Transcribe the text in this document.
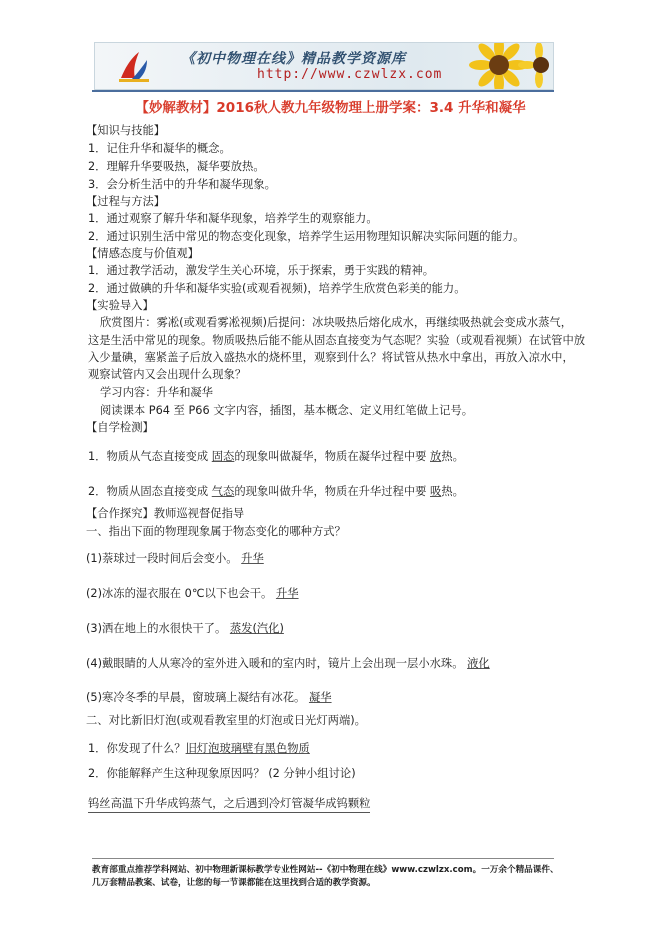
《初中物理在线》精品教学资源库
http://www.czwlzx.com
【妙解教材】2016秋人教九年级物理上册学案：3.4 升华和凝华
【知识与技能】
1．记住升华和凝华的概念。
2．理解升华要吸热，凝华要放热。
3．会分析生活中的升华和凝华现象。
【过程与方法】
1．通过观察了解升华和凝华现象，培养学生的观察能力。
2．通过识别生活中常见的物态变化现象，培养学生运用物理知识解决实际问题的能力。
【情感态度与价值观】
1．通过教学活动，激发学生关心环境，乐于探索，勇于实践的精神。
2．通过做碘的升华和凝华实验(或观看视频)，培养学生欣赏色彩美的能力。
【实验导入】
欣赏图片：雾凇(或观看雾凇视频)后提问：冰块吸热后熔化成水，再继续吸热就会变成水蒸气，
这是生活中常见的现象。物质吸热后能不能从固态直接变为气态呢？实验（或观看视频）在试管中放
入少量碘，塞紧盖子后放入盛热水的烧杯里，观察到什么？将试管从热水中拿出，再放入凉水中，
观察试管内又会出现什么现象？
学习内容：升华和凝华
阅读课本 P64 至 P66 文字内容，插图，基本概念、定义用红笔做上记号。
【自学检测】
1．物质从气态直接变成 固态的现象叫做凝华，物质在凝华过程中要 放热。
2．物质从固态直接变成 气态的现象叫做升华，物质在升华过程中要 吸热。
【合作探究】教师巡视督促指导
一、指出下面的物理现象属于物态变化的哪种方式？
(1)萘球过一段时间后会变小。 升华
(2)冰冻的湿衣服在 0℃以下也会干。 升华
(3)洒在地上的水很快干了。 蒸发(汽化)
(4)戴眼睛的人从寒冷的室外进入暖和的室内时，镜片上会出现一层小水珠。 液化
(5)寒冷冬季的早晨，窗玻璃上凝结有冰花。 凝华
二、对比新旧灯泡(或观看教室里的灯泡或日光灯两端)。
1．你发现了什么？旧灯泡玻璃壁有黑色物质
2．你能解释产生这种现象原因吗？ (2 分钟小组讨论)
钨丝高温下升华成钨蒸气，之后遇到冷灯管凝华成钨颗粒
教育部重点推荐学科网站、初中物理新课标教学专业性网站--《初中物理在线》www.czwlzx.com。一万余个精品课件、
几万套精品教案、试卷，让您的每一节课都能在这里找到合适的教学资源。
